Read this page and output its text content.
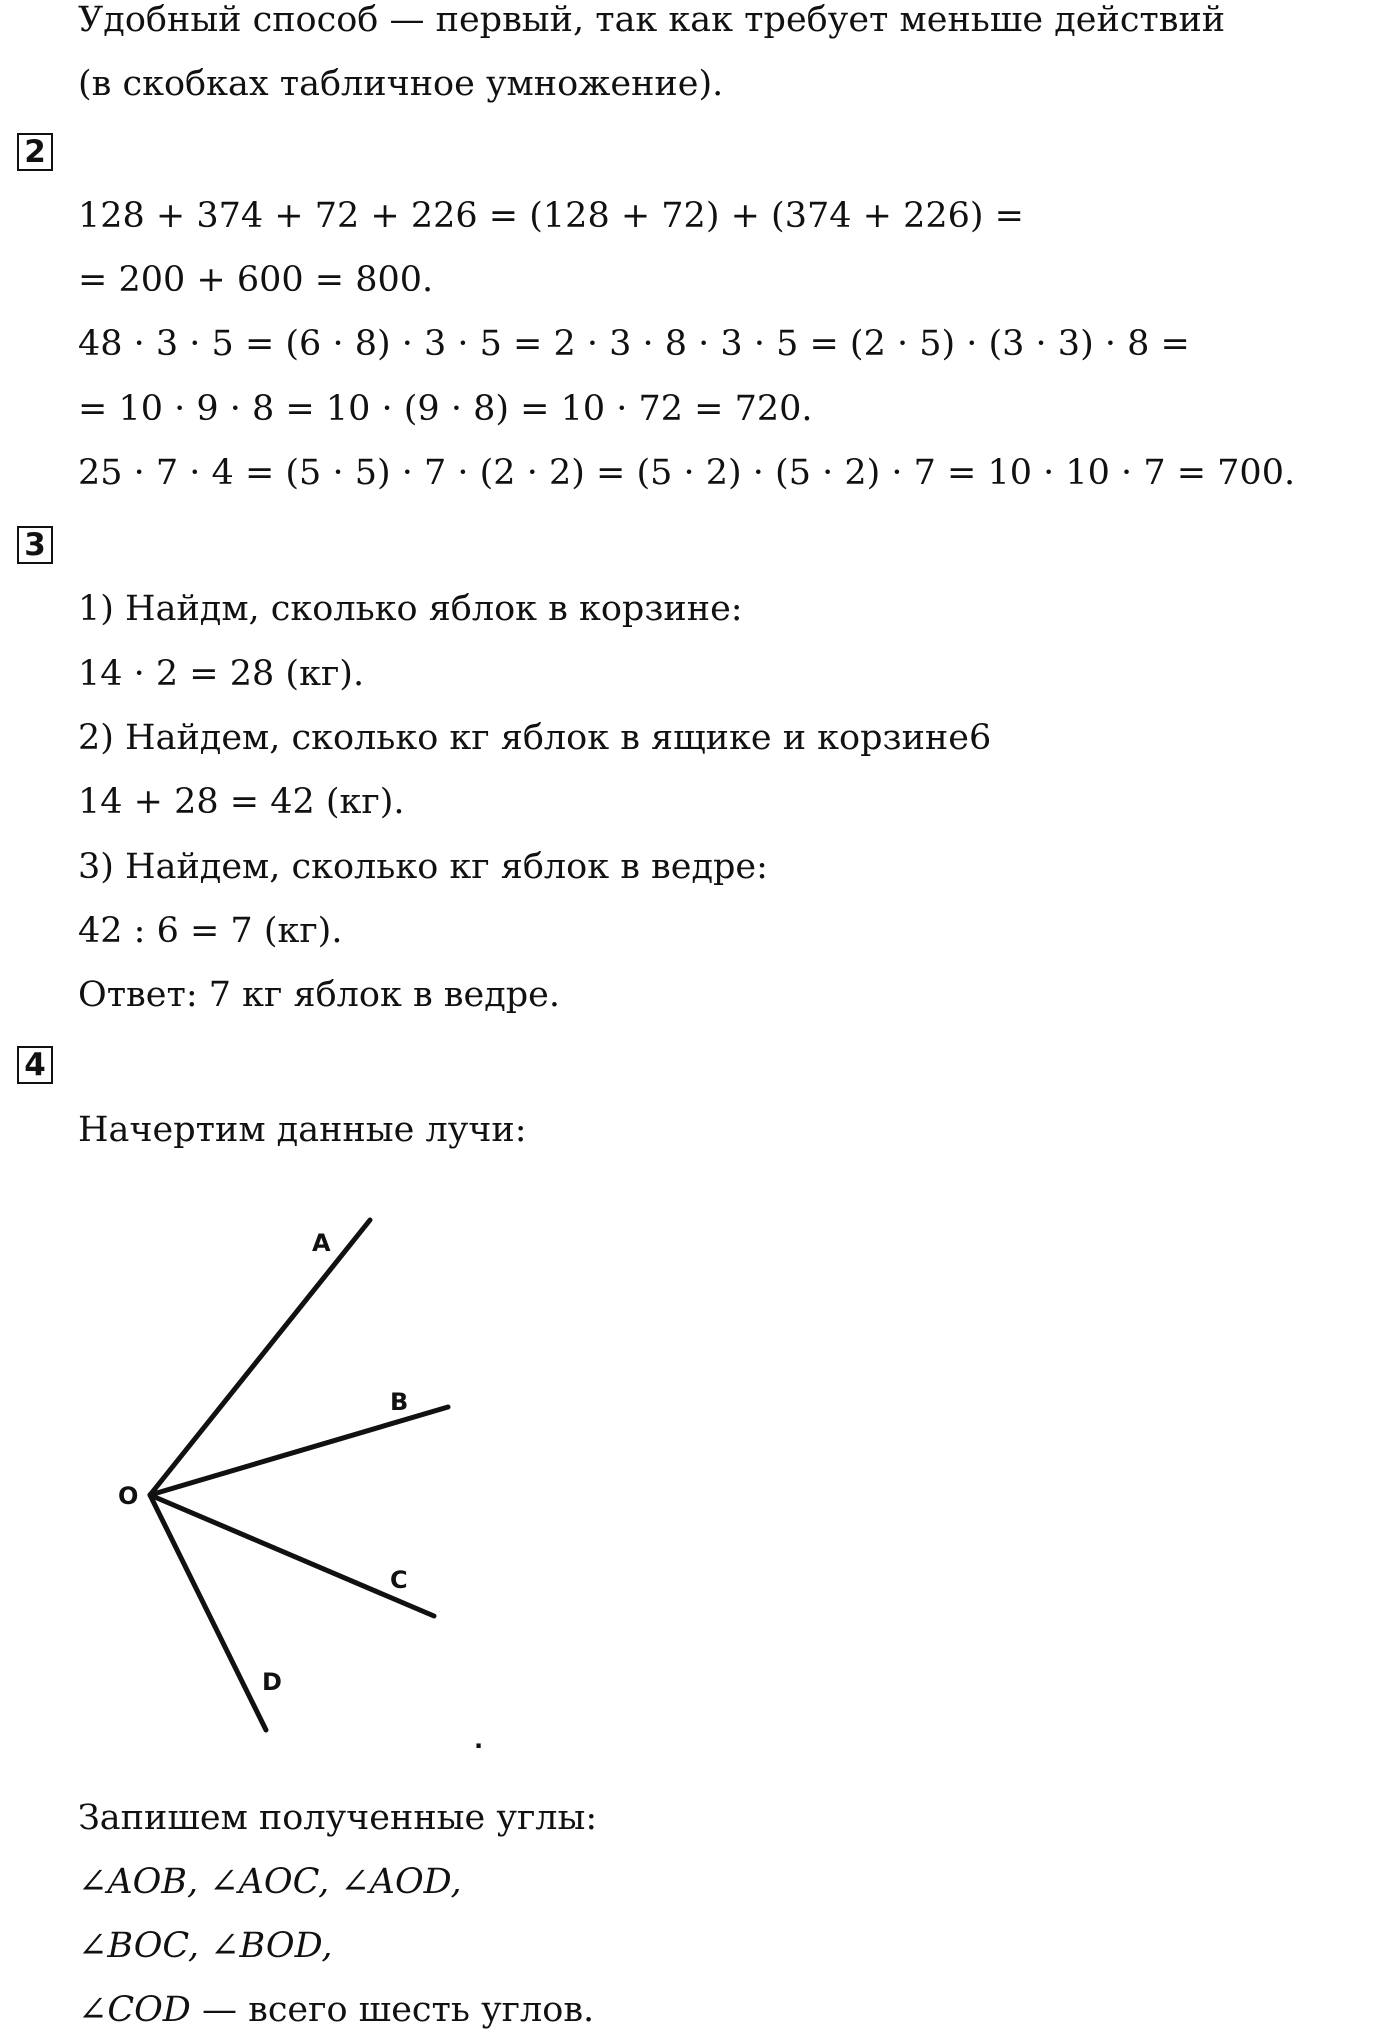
Удобный способ — первый, так как требует меньше действий
(в скобках табличное умножение).
2
128 + 374 + 72 + 226 = (128 + 72) + (374 + 226) =
= 200 + 600 = 800.
48 · 3 · 5 = (6 · 8) · 3 · 5 = 2 · 3 · 8 · 3 · 5 = (2 · 5) · (3 · 3) · 8 =
= 10 · 9 · 8 = 10 · (9 · 8) = 10 · 72 = 720.
25 · 7 · 4 = (5 · 5) · 7 · (2 · 2) = (5 · 2) · (5 · 2) · 7 = 10 · 10 · 7 = 700.
3
1) Найдм, сколько яблок в корзине:
14 · 2 = 28 (кг).
2) Найдем, сколько кг яблок в ящике и корзине6
14 + 28 = 42 (кг).
3) Найдем, сколько кг яблок в ведре:
42 : 6 = 7 (кг).
Ответ: 7 кг яблок в ведре.
4
Начертим данные лучи:
O
A
B
C
D
.
Запишем полученные углы:
∠AOB, ∠AOC, ∠AOD,
∠BOC, ∠BOD,
∠COD — всего шесть углов.
